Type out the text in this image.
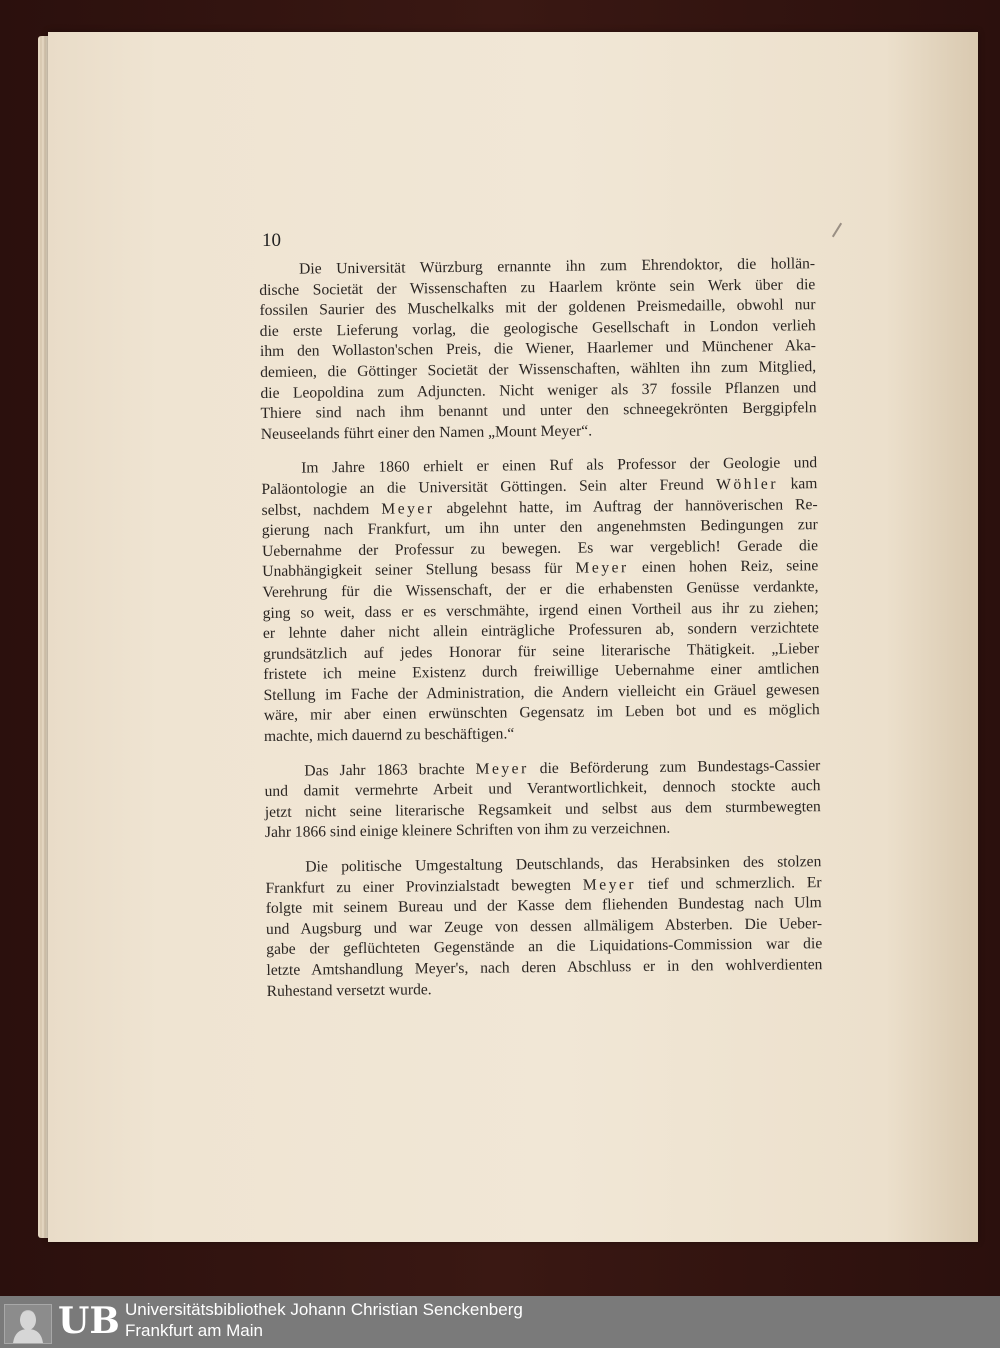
10
Die Universität Würzburg ernannte ihn zum Ehrendoktor, die hollän-
dische Societät der Wissenschaften zu Haarlem krönte sein Werk über die
fossilen Saurier des Muschelkalks mit der goldenen Preismedaille, obwohl nur
die erste Lieferung vorlag, die geologische Gesellschaft in London verlieh
ihm den Wollaston'schen Preis, die Wiener, Haarlemer und Münchener Aka-
demieen, die Göttinger Societät der Wissenschaften, wählten ihn zum Mitglied,
die Leopoldina zum Adjuncten. Nicht weniger als 37 fossile Pflanzen und
Thiere sind nach ihm benannt und unter den schneegekrönten Berggipfeln
Neuseelands führt einer den Namen „Mount Meyer“.
Im Jahre 1860 erhielt er einen Ruf als Professor der Geologie und
Paläontologie an die Universität Göttingen. Sein alter Freund Wöhler kam
selbst, nachdem Meyer abgelehnt hatte, im Auftrag der hannöverischen Re-
gierung nach Frankfurt, um ihn unter den angenehmsten Bedingungen zur
Uebernahme der Professur zu bewegen. Es war vergeblich! Gerade die
Unabhängigkeit seiner Stellung besass für Meyer einen hohen Reiz, seine
Verehrung für die Wissenschaft, der er die erhabensten Genüsse verdankte,
ging so weit, dass er es verschmähte, irgend einen Vortheil aus ihr zu ziehen;
er lehnte daher nicht allein einträgliche Professuren ab, sondern verzichtete
grundsätzlich auf jedes Honorar für seine literarische Thätigkeit. „Lieber
fristete ich meine Existenz durch freiwillige Uebernahme einer amtlichen
Stellung im Fache der Administration, die Andern vielleicht ein Gräuel gewesen
wäre, mir aber einen erwünschten Gegensatz im Leben bot und es möglich
machte, mich dauernd zu beschäftigen.“
Das Jahr 1863 brachte Meyer die Beförderung zum Bundestags-Cassier
und damit vermehrte Arbeit und Verantwortlichkeit, dennoch stockte auch
jetzt nicht seine literarische Regsamkeit und selbst aus dem sturmbewegten
Jahr 1866 sind einige kleinere Schriften von ihm zu verzeichnen.
Die politische Umgestaltung Deutschlands, das Herabsinken des stolzen
Frankfurt zu einer Provinzialstadt bewegten Meyer tief und schmerzlich. Er
folgte mit seinem Bureau und der Kasse dem fliehenden Bundestag nach Ulm
und Augsburg und war Zeuge von dessen allmäligem Absterben. Die Ueber-
gabe der geflüchteten Gegenstände an die Liquidations-Commission war die
letzte Amtshandlung Meyer's, nach deren Abschluss er in den wohlverdienten
Ruhestand versetzt wurde.
UB Universitätsbibliothek Johann Christian Senckenberg
Frankfurt am Main
